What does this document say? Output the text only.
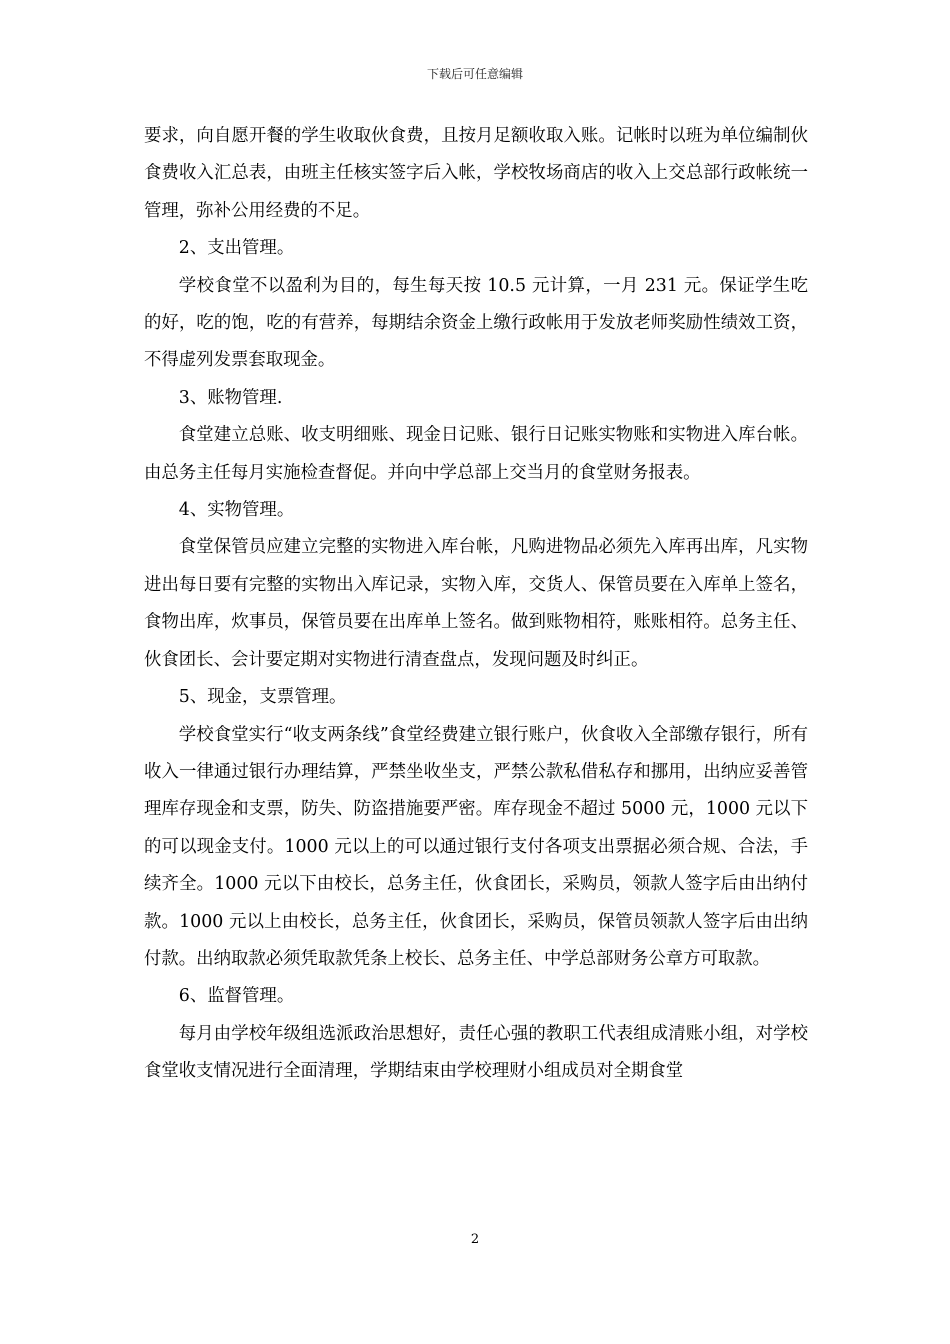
下载后可任意编辑

要求，向自愿开餐的学生收取伙食费，且按月足额收取入账。记帐时以班为单位编制伙食费收入汇总表，由班主任核实签字后入帐，学校牧场商店的收入上交总部行政帐统一管理，弥补公用经费的不足。

2、支出管理。

学校食堂不以盈利为目的，每生每天按 10.5 元计算，一月 231 元。保证学生吃的好，吃的饱，吃的有营养，每期结余资金上缴行政帐用于发放老师奖励性绩效工资，不得虚列发票套取现金。

3、账物管理.

食堂建立总账、收支明细账、现金日记账、银行日记账实物账和实物进入库台帐。由总务主任每月实施检查督促。并向中学总部上交当月的食堂财务报表。

4、实物管理。

食堂保管员应建立完整的实物进入库台帐，凡购进物品必须先入库再出库，凡实物进出每日要有完整的实物出入库记录，实物入库，交货人、保管员要在入库单上签名，食物出库，炊事员，保管员要在出库单上签名。做到账物相符，账账相符。总务主任、伙食团长、会计要定期对实物进行清查盘点，发现问题及时纠正。

5、现金，支票管理。

学校食堂实行“收支两条线”食堂经费建立银行账户，伙食收入全部缴存银行，所有收入一律通过银行办理结算，严禁坐收坐支，严禁公款私借私存和挪用，出纳应妥善管理库存现金和支票，防失、防盗措施要严密。库存现金不超过 5000 元，1000 元以下的可以现金支付。1000 元以上的可以通过银行支付各项支出票据必须合规、合法，手续齐全。1000 元以下由校长，总务主任，伙食团长，采购员，领款人签字后由出纳付款。1000 元以上由校长，总务主任，伙食团长，采购员，保管员领款人签字后由出纳付款。出纳取款必须凭取款凭条上校长、总务主任、中学总部财务公章方可取款。

6、监督管理。

每月由学校年级组选派政治思想好，责任心强的教职工代表组成清账小组，对学校食堂收支情况进行全面清理，学期结束由学校理财小组成员对全期食堂

2
